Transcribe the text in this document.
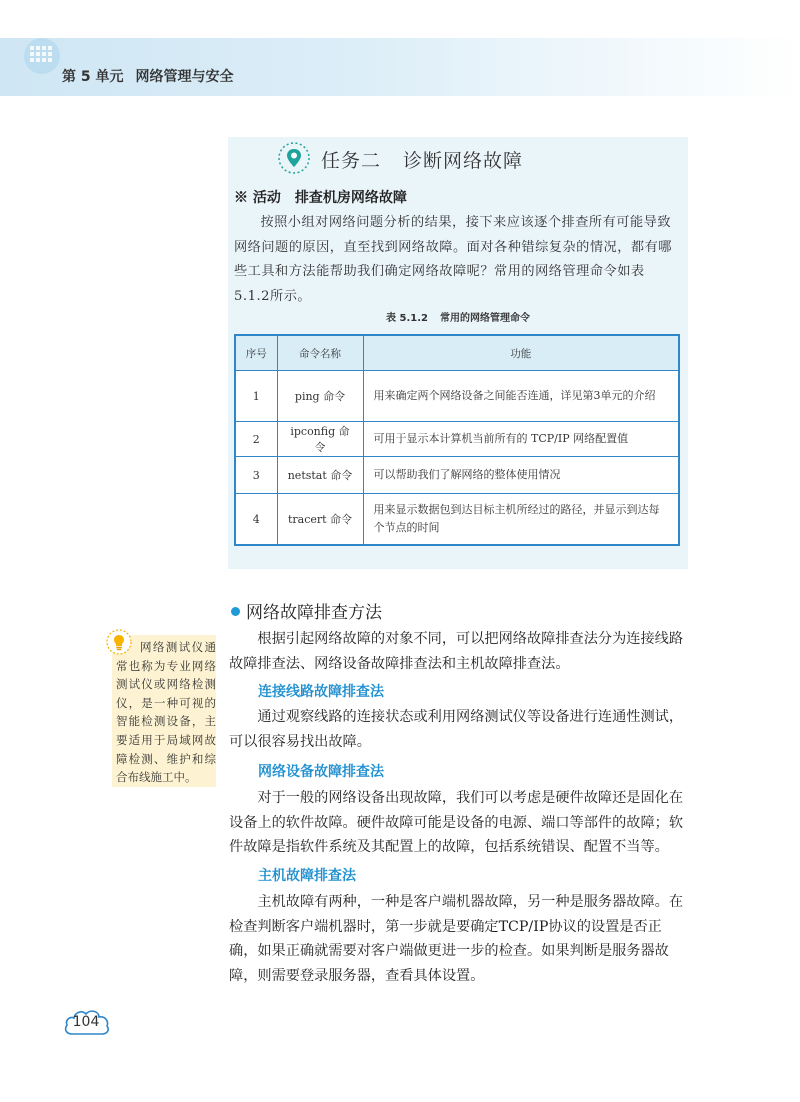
第 5 单元 网络管理与安全
任务二 诊断网络故障
※ 活动 排查机房网络故障

按照小组对网络问题分析的结果，接下来应该逐个排查所有可能导致网络问题的原因，直至找到网络故障。面对各种错综复杂的情况，都有哪些工具和方法能帮助我们确定网络故障呢？常用的网络管理命令如表5.1.2所示。

表 5.1.2 常用的网络管理命令
序号	命令名称	功能
1	ping 命令	用来确定两个网络设备之间能否连通，详见第3单元的介绍
2	ipconfig 命令	可用于显示本计算机当前所有的 TCP/IP 网络配置值
3	netstat 命令	可以帮助我们了解网络的整体使用情况
4	tracert 命令	用来显示数据包到达目标主机所经过的路径，并显示到达每个节点的时间
网络故障排查方法

根据引起网络故障的对象不同，可以把网络故障排查法分为连接线路故障排查法、网络设备故障排查法和主机故障排查法。

连接线路故障排查法

通过观察线路的连接状态或利用网络测试仪等设备进行连通性测试，可以很容易找出故障。

网络设备故障排查法

对于一般的网络设备出现故障，我们可以考虑是硬件故障还是固化在设备上的软件故障。硬件故障可能是设备的电源、端口等部件的故障；软件故障是指软件系统及其配置上的故障，包括系统错误、配置不当等。

主机故障排查法

主机故障有两种，一种是客户端机器故障，另一种是服务器故障。在检查判断客户端机器时，第一步就是要确定TCP/IP协议的设置是否正确，如果正确就需要对客户端做更进一步的检查。如果判断是服务器故障，则需要登录服务器，查看具体设置。

网络测试仪通常也称为专业网络测试仪或网络检测仪，是一种可视的智能检测设备，主要适用于局域网故障检测、维护和综合布线施工中。
104
